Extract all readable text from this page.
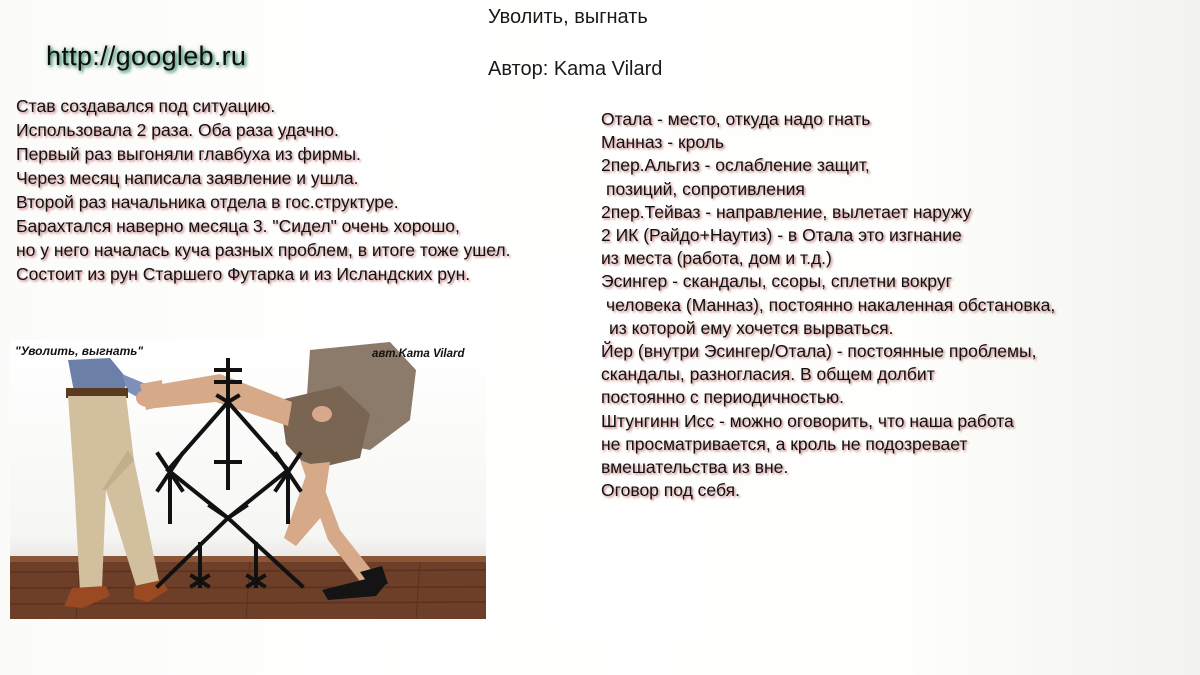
Уволить, выгнать
Автор: Kama Vilard
http://googleb.ru
Став создавался под ситуацию.
Использовала 2 раза. Оба раза удачно.
Первый раз выгоняли главбуха из фирмы.
Через месяц написала заявление и ушла.
Второй раз начальника отдела в гос.структуре.
Барахтался наверно месяца 3. "Сидел" очень хорошо,
но у него началась куча разных проблем, в итоге тоже ушел.
Состоит из рун Старшего Футарка и из Исландских рун.
Отала - место, откуда надо гнать
Манназ - кроль
2пер.Альгиз - ослабление защит,
позиций, сопротивления
2пер.Тейваз - направление, вылетает наружу
2 ИК (Райдо+Наутиз) - в Отала это изгнание
из места (работа, дом и т.д.)
Эсингер - скандалы, ссоры, сплетни вокруг
человека (Манназ), постоянно накаленная обстановка,
из которой ему хочется вырваться.
Йер (внутри Эсингер/Отала) - постоянные проблемы,
скандалы, разногласия. В общем долбит
постоянно с периодичностью.
Штунгинн Исс - можно оговорить, что наша работа
не просматривается, а кроль не подозревает
вмешательства из вне.
Оговор под себя.
"Уволить, выгнать"	авт.Kama Vilard
